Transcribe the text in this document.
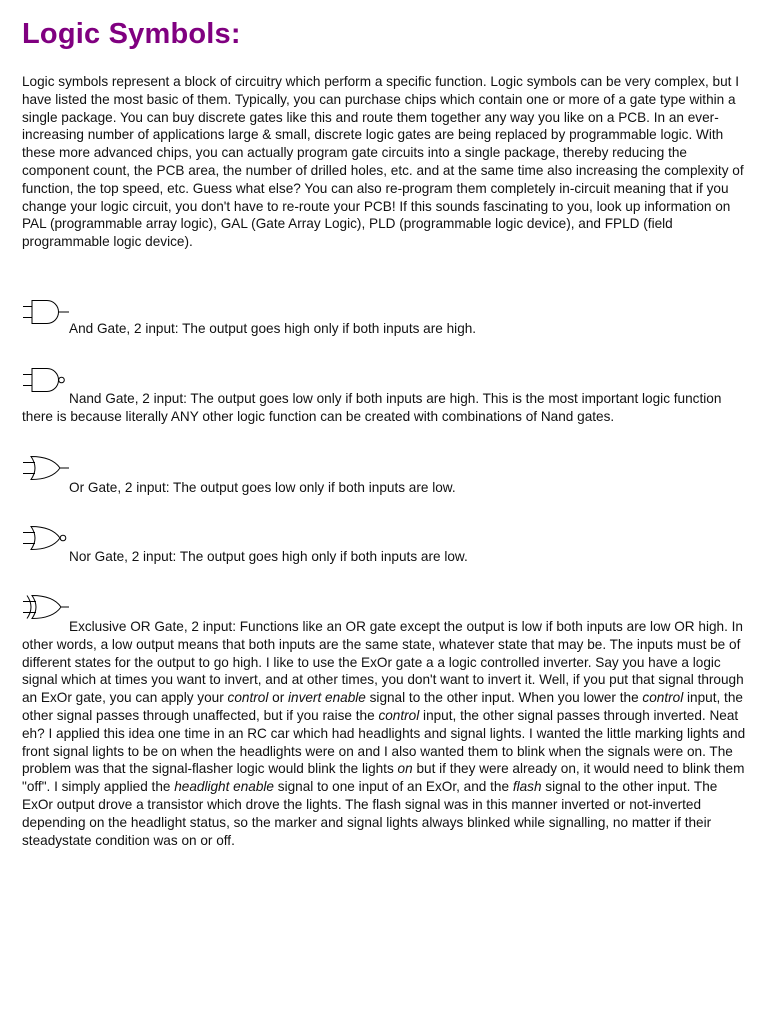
Logic Symbols:

Logic symbols represent a block of circuitry which perform a specific function. Logic symbols can be very complex, but I have listed the most basic of them. Typically, you can purchase chips which contain one or more of a gate type within a single package. You can buy discrete gates like this and route them together any way you like on a PCB. In an ever-increasing number of applications large & small, discrete logic gates are being replaced by programmable logic. With these more advanced chips, you can actually program gate circuits into a single package, thereby reducing the component count, the PCB area, the number of drilled holes, etc. and at the same time also increasing the complexity of function, the top speed, etc. Guess what else? You can also re-program them completely in-circuit meaning that if you change your logic circuit, you don't have to re-route your PCB! If this sounds fascinating to you, look up information on PAL (programmable array logic), GAL (Gate Array Logic), PLD (programmable logic device), and FPLD (field programmable logic device).

And Gate, 2 input: The output goes high only if both inputs are high.

Nand Gate, 2 input: The output goes low only if both inputs are high. This is the most important logic function there is because literally ANY other logic function can be created with combinations of Nand gates.

Or Gate, 2 input: The output goes low only if both inputs are low.

Nor Gate, 2 input: The output goes high only if both inputs are low.

Exclusive OR Gate, 2 input: Functions like an OR gate except the output is low if both inputs are low OR high. In other words, a low output means that both inputs are the same state, whatever state that may be. The inputs must be of different states for the output to go high. I like to use the ExOr gate a a logic controlled inverter. Say you have a logic signal which at times you want to invert, and at other times, you don't want to invert it. Well, if you put that signal through an ExOr gate, you can apply your control or invert enable signal to the other input. When you lower the control input, the other signal passes through unaffected, but if you raise the control input, the other signal passes through inverted. Neat eh? I applied this idea one time in an RC car which had headlights and signal lights. I wanted the little marking lights and front signal lights to be on when the headlights were on and I also wanted them to blink when the signals were on. The problem was that the signal-flasher logic would blink the lights on but if they were already on, it would need to blink them "off". I simply applied the headlight enable signal to one input of an ExOr, and the flash signal to the other input. The ExOr output drove a transistor which drove the lights. The flash signal was in this manner inverted or not-inverted depending on the headlight status, so the marker and signal lights always blinked while signalling, no matter if their steadystate condition was on or off.
